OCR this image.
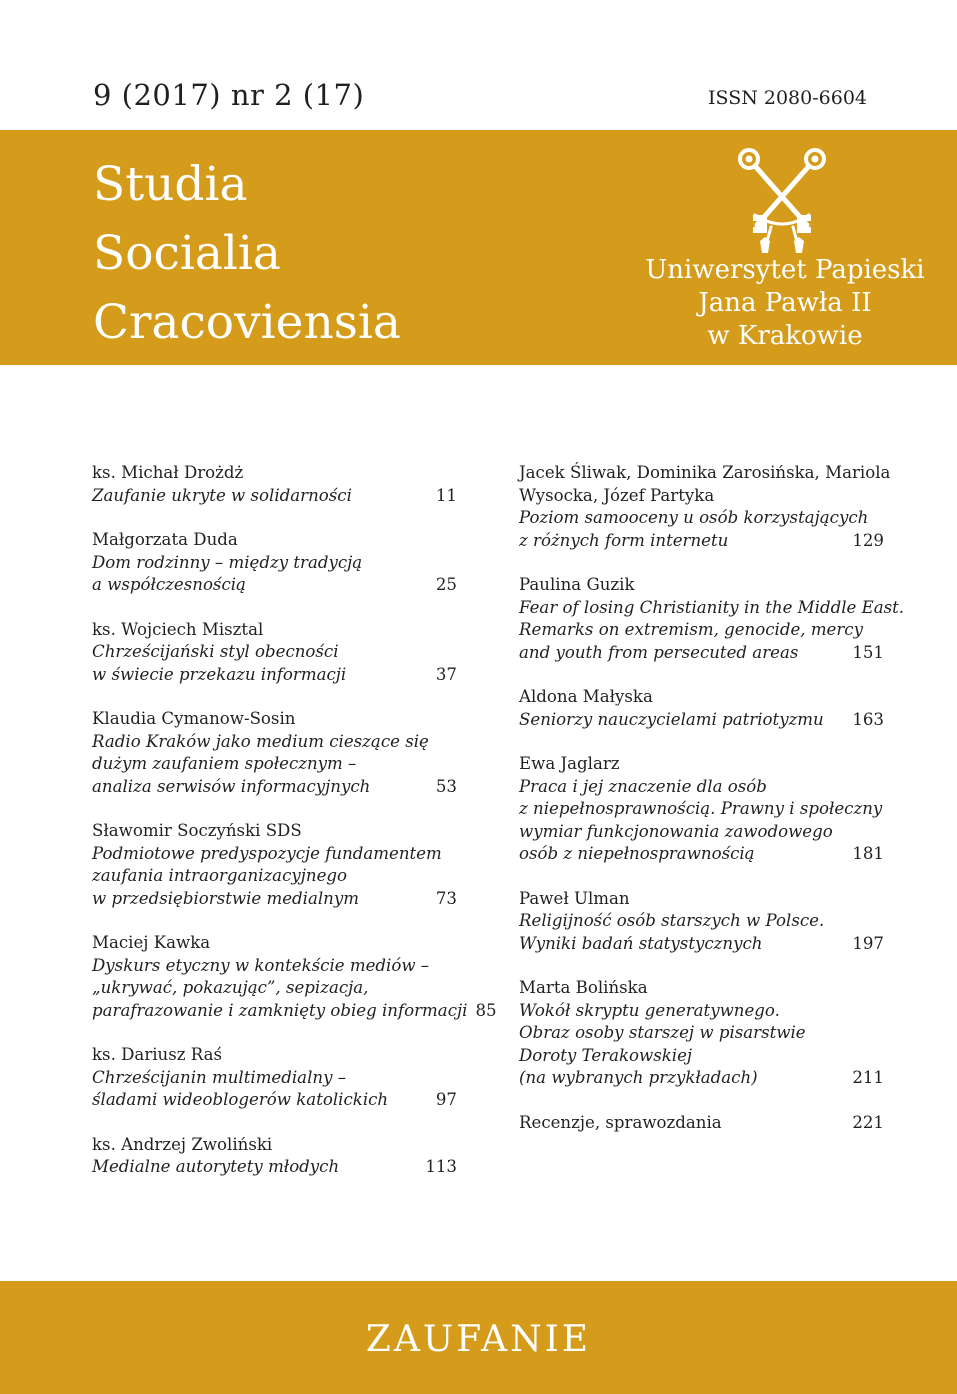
9 (2017) nr 2 (17)	ISSN 2080-6604
Studia
Socialia
Cracoviensia
Uniwersytet Papieski
Jana Pawła II
w Krakowie
ks. Michał Drożdż
Zaufanie ukryte w solidarności	11
Małgorzata Duda
Dom rodzinny – między tradycją
a współczesnością	25
ks. Wojciech Misztal
Chrześcijański styl obecności
w świecie przekazu informacji	37
Klaudia Cymanow-Sosin
Radio Kraków jako medium cieszące się
dużym zaufaniem społecznym –
analiza serwisów informacyjnych	53
Sławomir Soczyński SDS
Podmiotowe predyspozycje fundamentem
zaufania intraorganizacyjnego
w przedsiębiorstwie medialnym	73
Maciej Kawka
Dyskurs etyczny w kontekście mediów –
„ukrywać, pokazując”, sepizacja,
parafrazowanie i zamknięty obieg informacji 85
ks. Dariusz Raś
Chrześcijanin multimedialny –
śladami wideoblogerów katolickich	97
ks. Andrzej Zwoliński
Medialne autorytety młodych	113
Jacek Śliwak, Dominika Zarosińska, Mariola
Wysocka, Józef Partyka
Poziom samooceny u osób korzystających
z różnych form internetu	129
Paulina Guzik
Fear of losing Christianity in the Middle East.
Remarks on extremism, genocide, mercy
and youth from persecuted areas	151
Aldona Małyska
Seniorzy nauczycielami patriotyzmu	163
Ewa Jaglarz
Praca i jej znaczenie dla osób
z niepełnosprawnością. Prawny i społeczny
wymiar funkcjonowania zawodowego
osób z niepełnosprawnością	181
Paweł Ulman
Religijność osób starszych w Polsce.
Wyniki badań statystycznych	197
Marta Bolińska
Wokół skryptu generatywnego.
Obraz osoby starszej w pisarstwie
Doroty Terakowskiej
(na wybranych przykładach)	211
Recenzje, sprawozdania	221
ZAUFANIE
